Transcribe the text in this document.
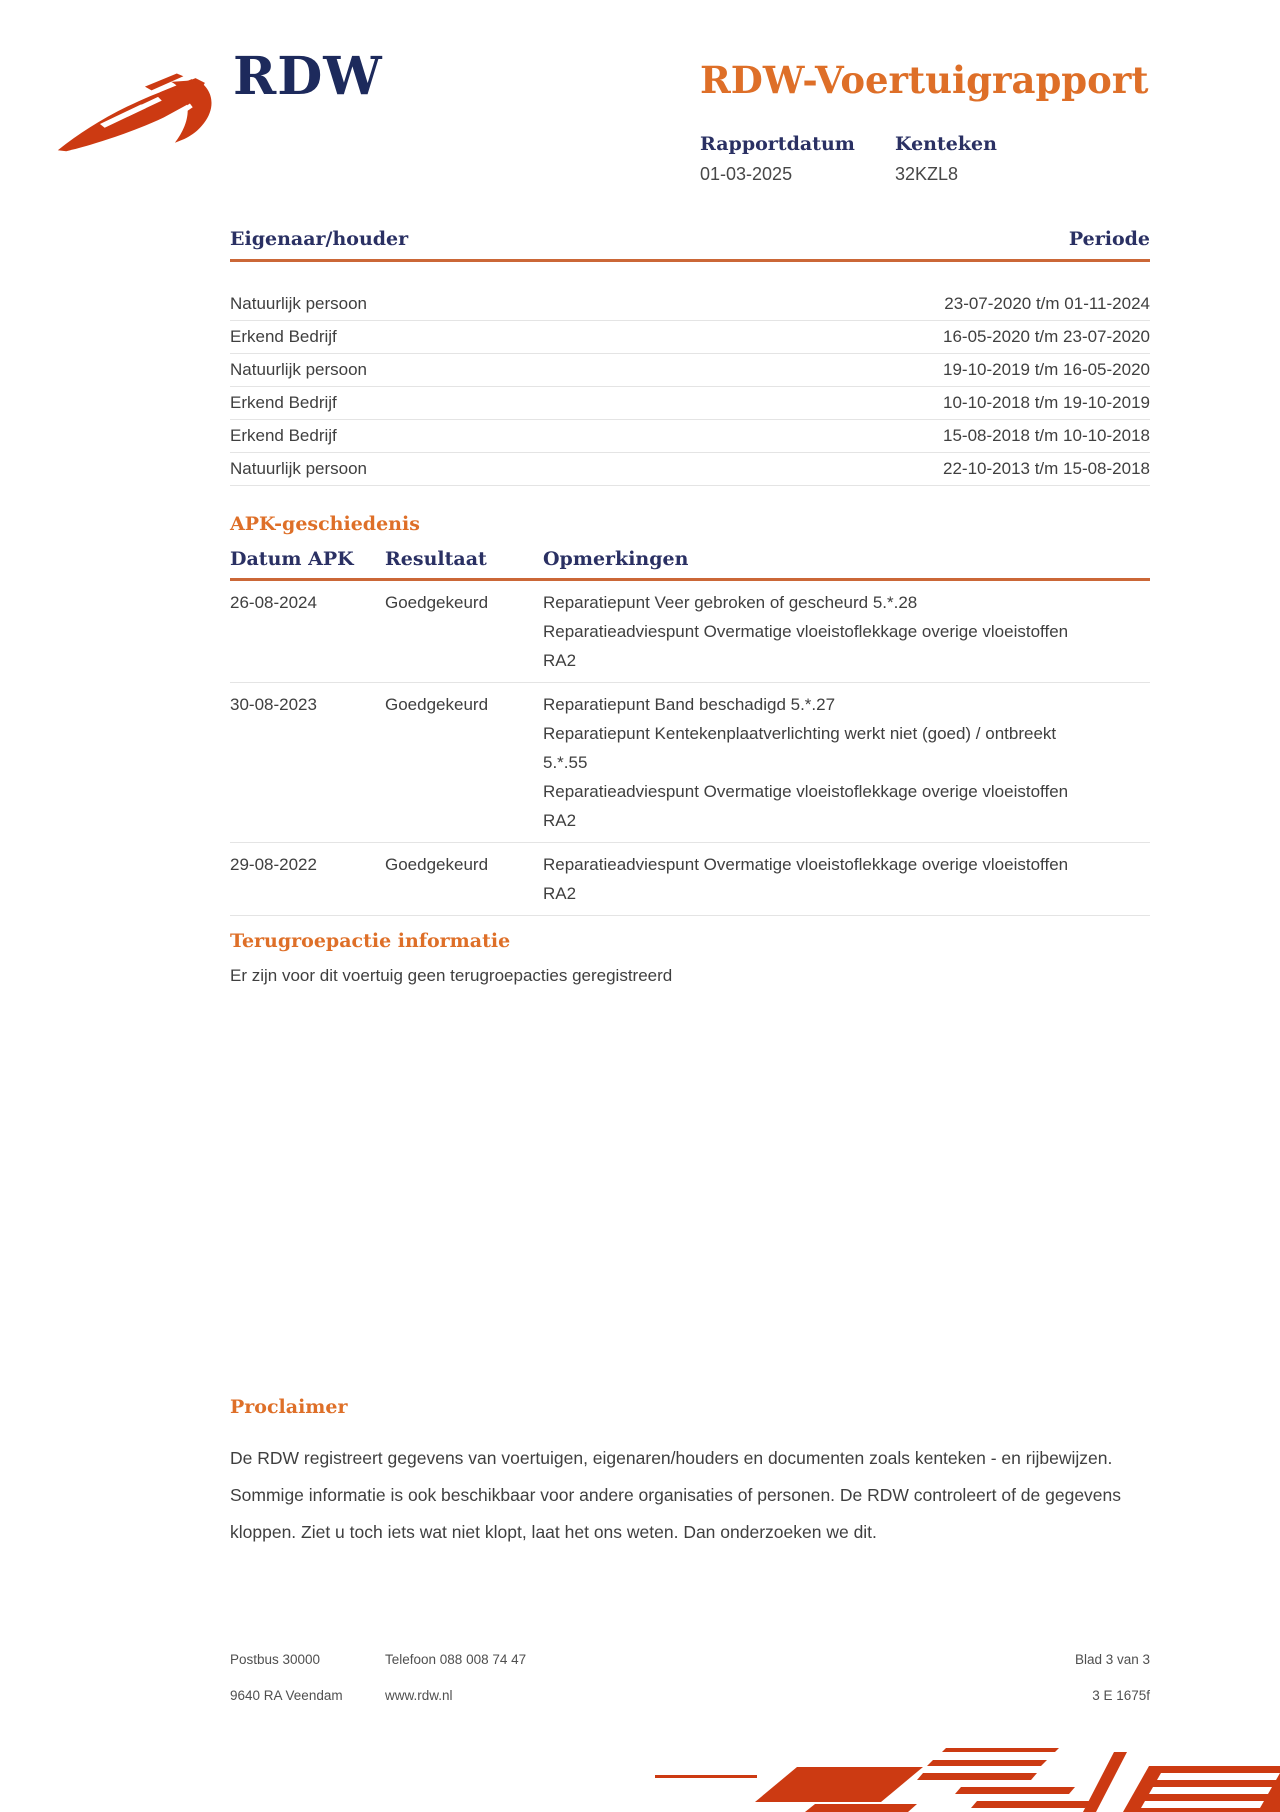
RDW	RDW-Voertuigrapport
Rapportdatum
01-03-2025
Kenteken
32KZL8
Eigenaar/houder	Periode
Natuurlijk persoon	23-07-2020 t/m 01-11-2024
Erkend Bedrijf	16-05-2020 t/m 23-07-2020
Natuurlijk persoon	19-10-2019 t/m 16-05-2020
Erkend Bedrijf	10-10-2018 t/m 19-10-2019
Erkend Bedrijf	15-08-2018 t/m 10-10-2018
Natuurlijk persoon	22-10-2013 t/m 15-08-2018
APK-geschiedenis
Datum APK	Resultaat	Opmerkingen
26-08-2024	Goedgekeurd	Reparatiepunt Veer gebroken of gescheurd 5.*.28
Reparatieadviespunt Overmatige vloeistoflekkage overige vloeistoffen RA2
30-08-2023	Goedgekeurd	Reparatiepunt Band beschadigd 5.*.27
Reparatiepunt Kentekenplaatverlichting werkt niet (goed) / ontbreekt 5.*.55
Reparatieadviespunt Overmatige vloeistoflekkage overige vloeistoffen RA2
29-08-2022	Goedgekeurd	Reparatieadviespunt Overmatige vloeistoflekkage overige vloeistoffen RA2
Terugroepactie informatie
Er zijn voor dit voertuig geen terugroepacties geregistreerd
Proclaimer
De RDW registreert gegevens van voertuigen, eigenaren/houders en documenten zoals kenteken - en rijbewijzen. Sommige informatie is ook beschikbaar voor andere organisaties of personen. De RDW controleert of de gegevens kloppen. Ziet u toch iets wat niet klopt, laat het ons weten. Dan onderzoeken we dit.
Postbus 30000	Telefoon 088 008 74 47	Blad 3 van 3
9640 RA Veendam	www.rdw.nl	3 E 1675f
